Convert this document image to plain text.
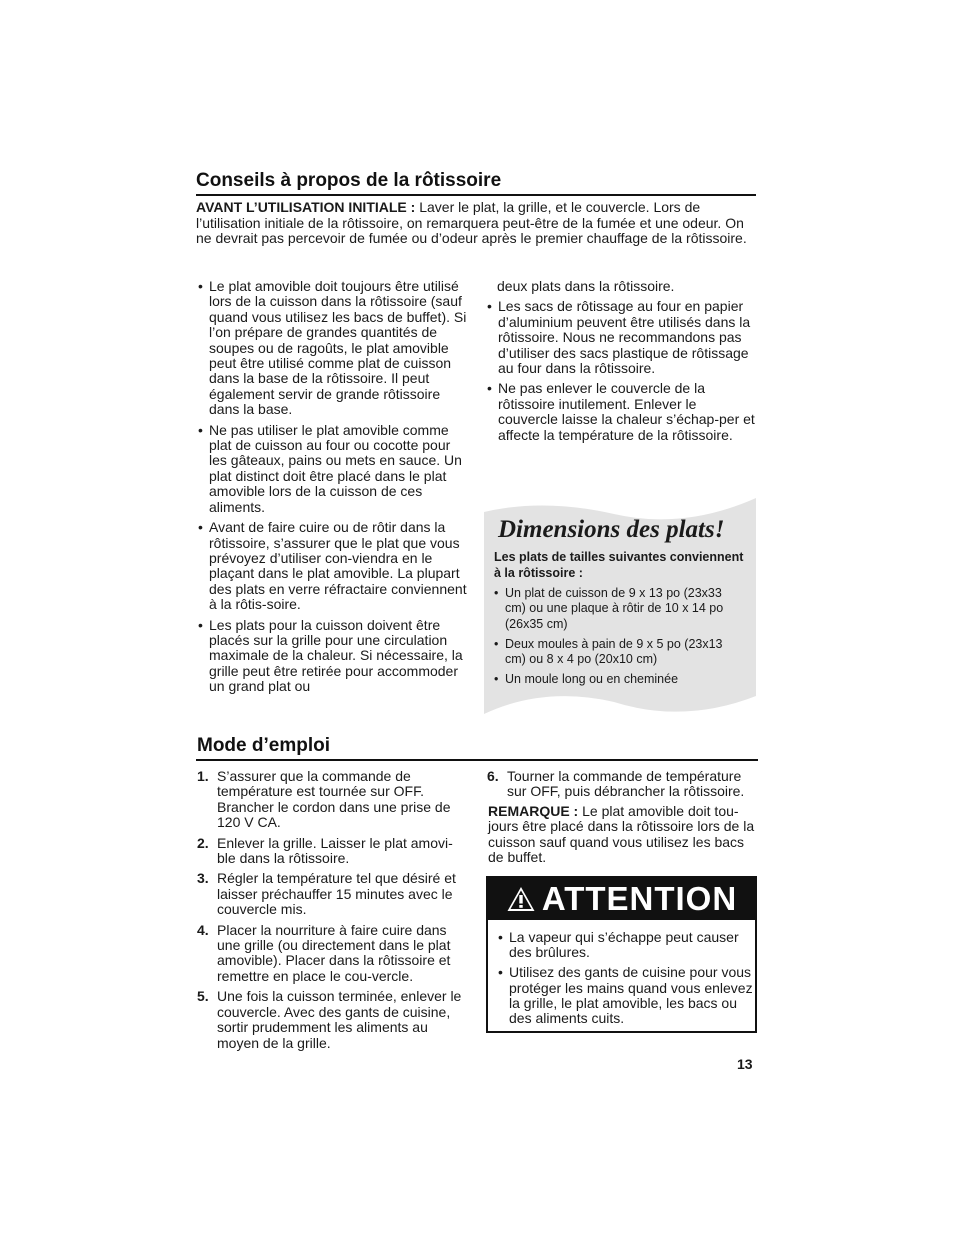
Conseils à propos de la rôtissoire

AVANT L’UTILISATION INITIALE : Laver le plat, la grille, et le couvercle. Lors de l’utilisation initiale de la rôtissoire, on remarquera peut-être de la fumée et une odeur. On ne devrait pas percevoir de fumée ou d’odeur après le premier chauffage de la rôtissoire.

• Le plat amovible doit toujours être utilisé lors de la cuisson dans la rôtissoire (sauf quand vous utilisez les bacs de buffet). Si l’on prépare de grandes quantités de soupes ou de ragoûts, le plat amovible peut être utilisé comme plat de cuisson dans la base de la rôtissoire. Il peut également servir de grande rôtissoire dans la base.
• Ne pas utiliser le plat amovible comme plat de cuisson au four ou cocotte pour les gâteaux, pains ou mets en sauce. Un plat distinct doit être placé dans le plat amovible lors de la cuisson de ces aliments.
• Avant de faire cuire ou de rôtir dans la rôtissoire, s’assurer que le plat que vous prévoyez d’utiliser con-viendra en le plaçant dans le plat amovible. La plupart des plats en verre réfractaire conviennent à la rôtis-soire.
• Les plats pour la cuisson doivent être placés sur la grille pour une circulation maximale de la chaleur. Si nécessaire, la grille peut être retirée pour accommoder un grand plat ou

deux plats dans la rôtissoire.

• Les sacs de rôtissage au four en papier d’aluminium peuvent être utilisés dans la rôtissoire. Nous ne recommandons pas d’utiliser des sacs plastique de rôtissage au four dans la rôtissoire.
• Ne pas enlever le couvercle de la rôtissoire inutilement. Enlever le couvercle laisse la chaleur s’échap-per et affecte la température de la rôtissoire.
Dimensions des plats!

Les plats de tailles suivantes conviennent à la rôtissoire :

• Un plat de cuisson de 9 x 13 po (23x33 cm) ou une plaque à rôtir de 10 x 14 po (26x35 cm)
• Deux moules à pain de 9 x 5 po (23x13 cm) ou 8 x 4 po (20x10 cm)
• Un moule long ou en cheminée
Mode d’emploi
1. S’assurer que la commande de température est tournée sur OFF. Brancher le cordon dans une prise de 120 V CA.
2. Enlever la grille. Laisser le plat amovi-ble dans la rôtissoire.
3. Régler la température tel que désiré et laisser préchauffer 15 minutes avec le couvercle mis.
4. Placer la nourriture à faire cuire dans une grille (ou directement dans le plat amovible). Placer dans la rôtissoire et remettre en place le cou-vercle.
5. Une fois la cuisson terminée, enlever le couvercle. Avec des gants de cuisine, sortir prudemment les aliments au moyen de la grille.
6. Tourner la commande de température sur OFF, puis débrancher la rôtissoire.

REMARQUE : Le plat amovible doit tou-jours être placé dans la rôtissoire lors de la cuisson sauf quand vous utilisez les bacs de buffet.

ATTENTION
• La vapeur qui s’échappe peut causer des brûlures.
• Utilisez des gants de cuisine pour vous protéger les mains quand vous enlevez la grille, le plat amovible, les bacs ou des aliments cuits.

13
